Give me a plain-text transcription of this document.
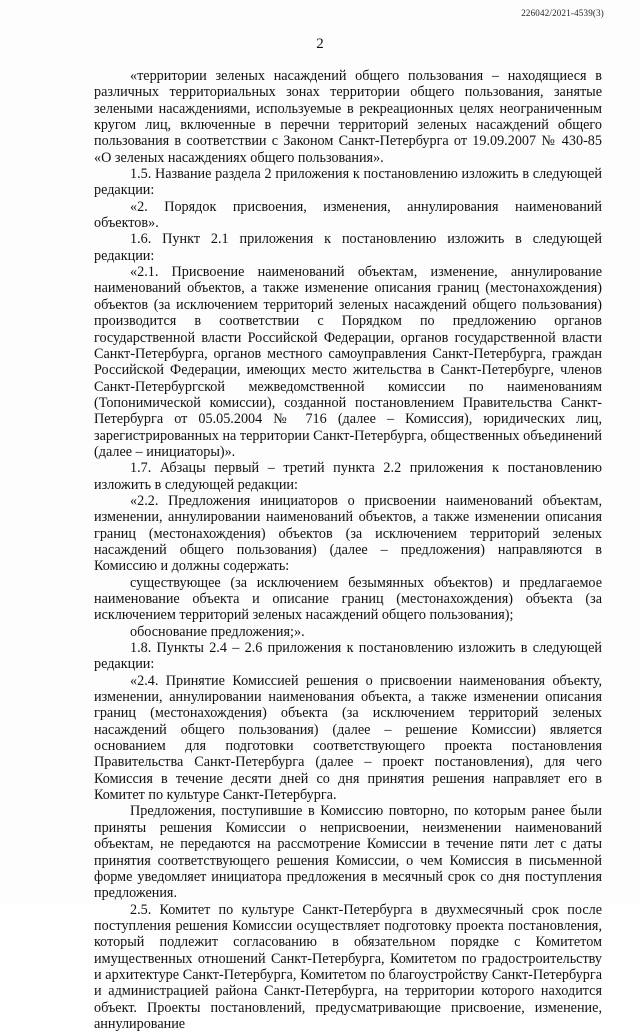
226042/2021-4539(3)
2

«территории зеленых насаждений общего пользования – находящиеся в различных территориальных зонах территории общего пользования, занятые зелеными насаждениями, используемые в рекреационных целях неограниченным кругом лиц, включенные в перечни территорий зеленых насаждений общего пользования в соответствии с Законом Санкт-Петербурга от 19.09.2007 № 430-85 «О зеленых насаждениях общего пользования».

1.5. Название раздела 2 приложения к постановлению изложить в следующей редакции:

«2. Порядок присвоения, изменения, аннулирования наименований объектов».

1.6. Пункт 2.1 приложения к постановлению изложить в следующей редакции:

«2.1. Присвоение наименований объектам, изменение, аннулирование наименований объектов, а также изменение описания границ (местонахождения) объектов (за исключением территорий зеленых насаждений общего пользования) производится в соответствии с Порядком по предложению органов государственной власти Российской Федерации, органов государственной власти Санкт-Петербурга, органов местного самоуправления Санкт-Петербурга, граждан Российской Федерации, имеющих место жительства в Санкт-Петербурге, членов Санкт-Петербургской межведомственной комиссии по наименованиям (Топонимической комиссии), созданной постановлением Правительства Санкт-Петербурга от 05.05.2004 № 716 (далее – Комиссия), юридических лиц, зарегистрированных на территории Санкт-Петербурга, общественных объединений (далее – инициаторы)».

1.7. Абзацы первый – третий пункта 2.2 приложения к постановлению изложить в следующей редакции:

«2.2. Предложения инициаторов о присвоении наименований объектам, изменении, аннулировании наименований объектов, а также изменении описания границ (местонахождения) объектов (за исключением территорий зеленых насаждений общего пользования) (далее – предложения) направляются в Комиссию и должны содержать:

существующее (за исключением безымянных объектов) и предлагаемое наименование объекта и описание границ (местонахождения) объекта (за исключением территорий зеленых насаждений общего пользования);

обоснование предложения;».

1.8. Пункты 2.4 – 2.6 приложения к постановлению изложить в следующей редакции:

«2.4. Принятие Комиссией решения о присвоении наименования объекту, изменении, аннулировании наименования объекта, а также изменении описания границ (местонахождения) объекта (за исключением территорий зеленых насаждений общего пользования) (далее – решение Комиссии) является основанием для подготовки соответствующего проекта постановления Правительства Санкт-Петербурга (далее – проект постановления), для чего Комиссия в течение десяти дней со дня принятия решения направляет его в Комитет по культуре Санкт-Петербурга.

Предложения, поступившие в Комиссию повторно, по которым ранее были приняты решения Комиссии о неприсвоении, неизменении наименований объектам, не передаются на рассмотрение Комиссии в течение пяти лет с даты принятия соответствующего решения Комиссии, о чем Комиссия в письменной форме уведомляет инициатора предложения в месячный срок со дня поступления предложения.

2.5. Комитет по культуре Санкт-Петербурга в двухмесячный срок после поступления решения Комиссии осуществляет подготовку проекта постановления, который подлежит согласованию в обязательном порядке с Комитетом имущественных отношений Санкт-Петербурга, Комитетом по градостроительству и архитектуре Санкт-Петербурга, Комитетом по благоустройству Санкт-Петербурга и администрацией района Санкт-Петербурга, на территории которого находится объект. Проекты постановлений, предусматривающие присвоение, изменение, аннулирование
